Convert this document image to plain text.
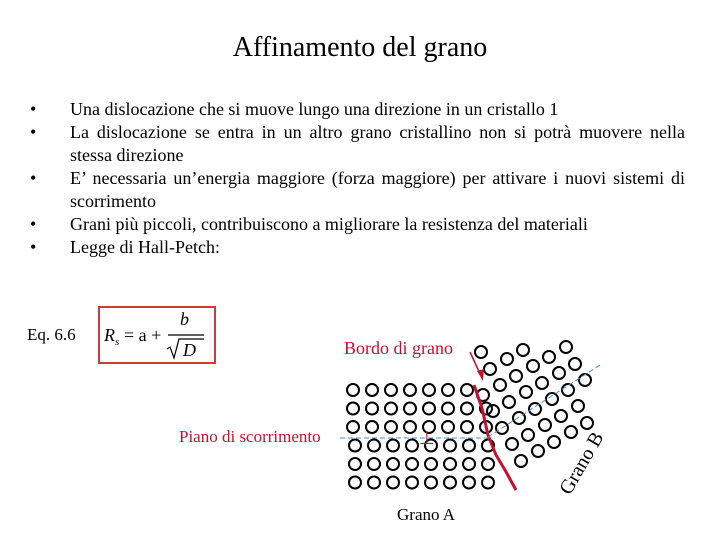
Affinamento del grano
• Una dislocazione che si muove lungo una direzione in un cristallo 1
• La dislocazione se entra in un altro grano cristallino non si potrà muovere nella stessa direzione
• E’ necessaria un’energia maggiore (forza maggiore) per attivare i nuovi sistemi di scorrimento
• Grani più piccoli, contribuiscono a migliorare la resistenza del materiali
• Legge di Hall-Petch:
Eq. 6.6 R s = a +
b
D
⊥
Bordo di grano
Piano di scorrimento
Grano A
Grano B
